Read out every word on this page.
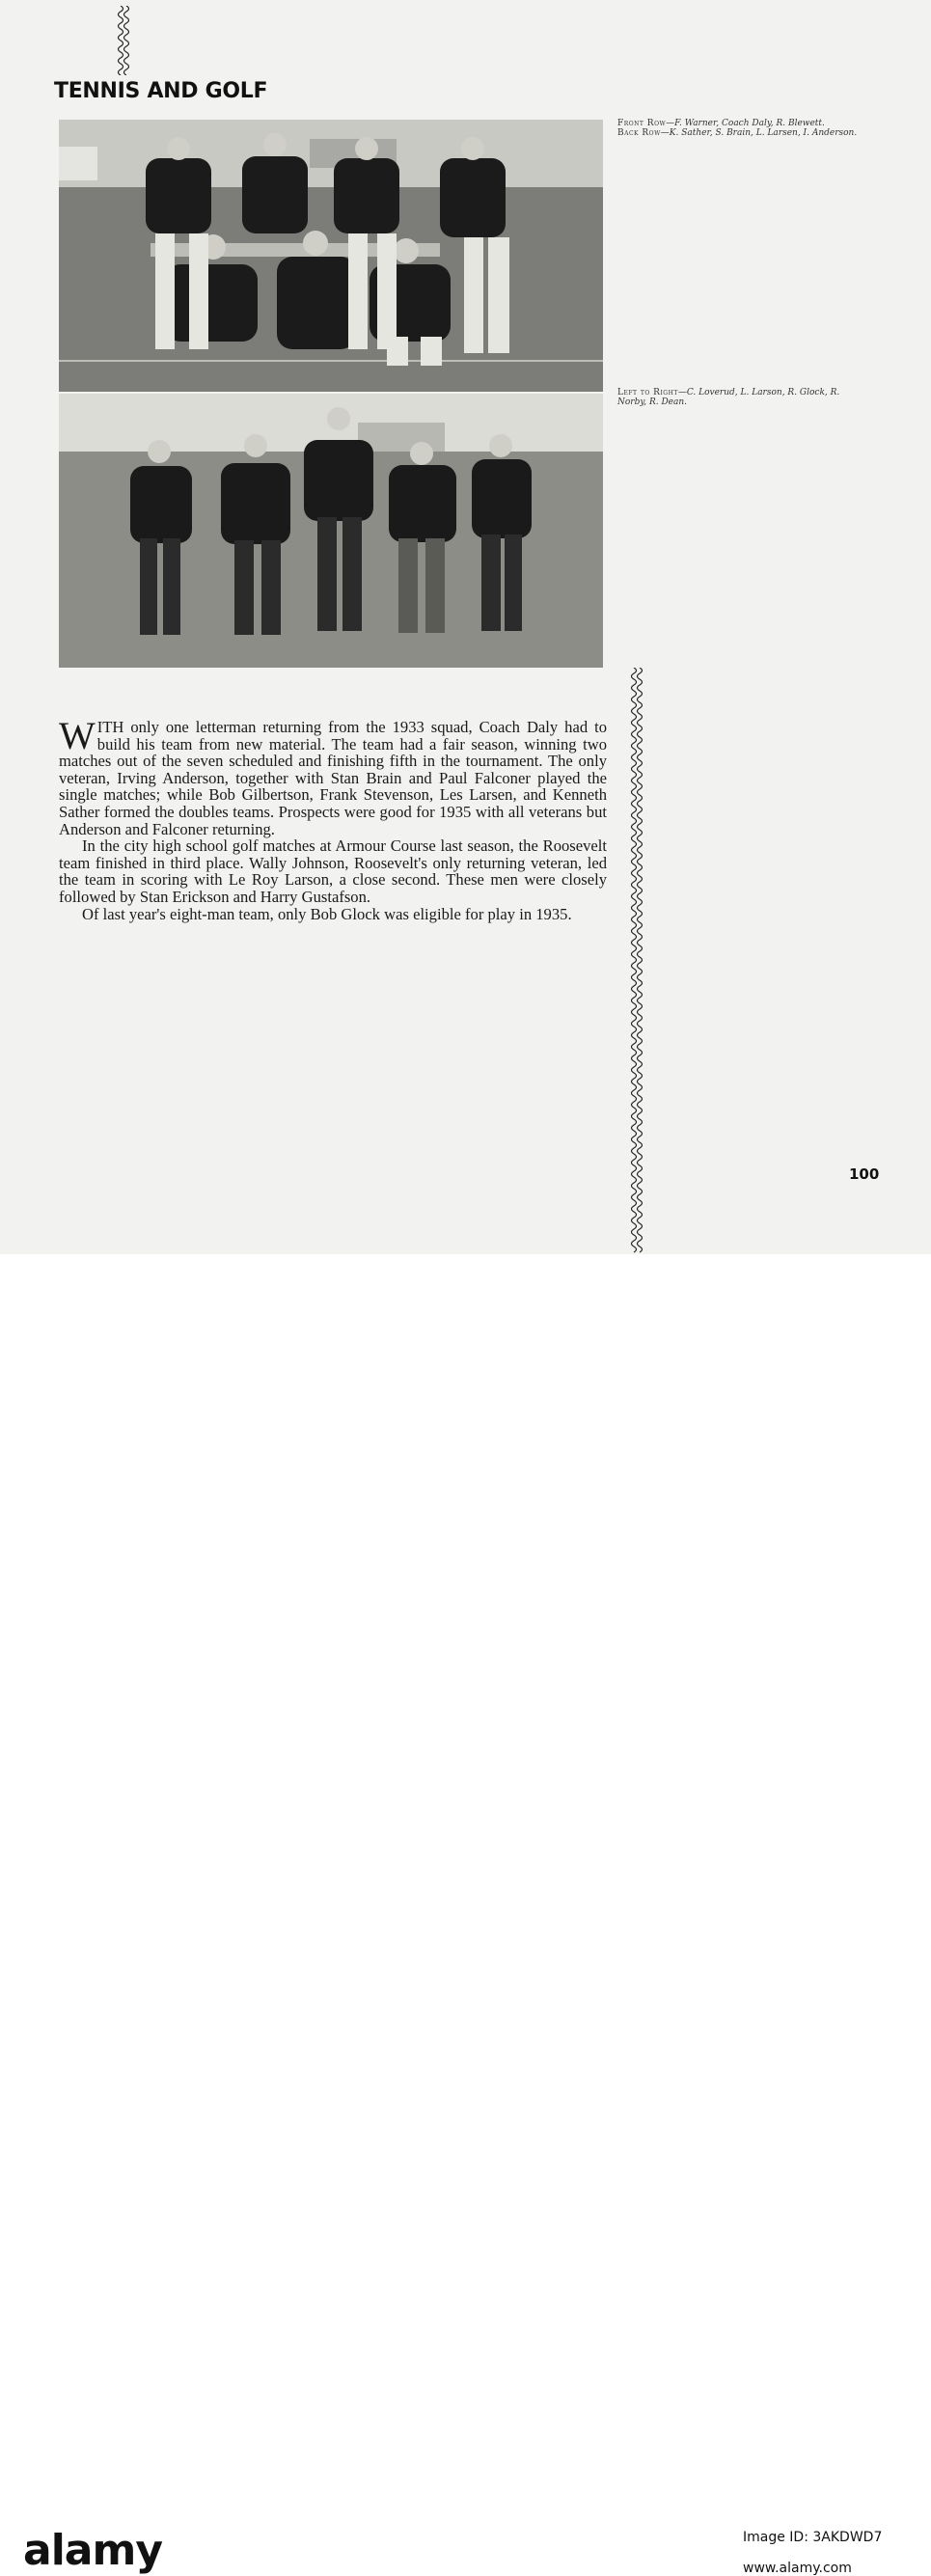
TENNIS AND GOLF
Front Row—F. Warner, Coach Daly, R. Blewett.
Back Row—K. Sather, S. Brain, L. Larsen, I. Anderson.
Left to Right—C. Loverud, L. Larson, R. Glock, R. Norby, R. Dean.

WITH only one letterman returning from the 1933 squad, Coach Daly had to build his team from new material. The team had a fair season, winning two matches out of the seven scheduled and finishing fifth in the tournament. The only veteran, Irving Anderson, together with Stan Brain and Paul Falconer played the single matches; while Bob Gilbertson, Frank Stevenson, Les Larsen, and Kenneth Sather formed the doubles teams. Prospects were good for 1935 with all veterans but Anderson and Falconer returning.

In the city high school golf matches at Armour Course last season, the Roosevelt team finished in third place. Wally Johnson, Roosevelt's only returning veteran, led the team in scoring with Le Roy Larson, a close second. These men were closely followed by Stan Erickson and Harry Gustafson.

Of last year's eight-man team, only Bob Glock was eligible for play in 1935.

100
alamy	Image ID: 3AKDWD7
www.alamy.com
